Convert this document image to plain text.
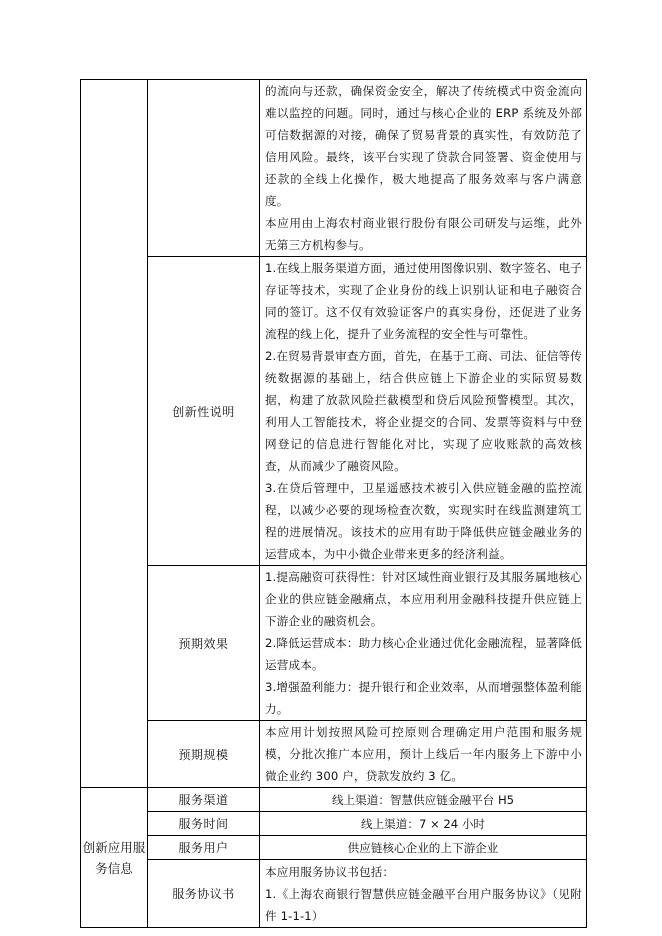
		的流向与还款，确保资金安全，解决了传统模式中资金流向难以监控的问题。同时，通过与核心企业的 ERP 系统及外部可信数据源的对接，确保了贸易背景的真实性，有效防范了信用风险。最终，该平台实现了贷款合同签署、资金使用与还款的全线上化操作，极大地提高了服务效率与客户满意度。
本应用由上海农村商业银行股份有限公司研发与运维，此外无第三方机构参与。

	创新性说明	1.在线上服务渠道方面，通过使用图像识别、数字签名、电子存证等技术，实现了企业身份的线上识别认证和电子融资合同的签订。这不仅有效验证客户的真实身份，还促进了业务流程的线上化，提升了业务流程的安全性与可靠性。
2.在贸易背景审查方面，首先，在基于工商、司法、征信等传统数据源的基础上，结合供应链上下游企业的实际贸易数据，构建了放款风险拦截模型和贷后风险预警模型。其次，利用人工智能技术，将企业提交的合同、发票等资料与中登网登记的信息进行智能化对比，实现了应收账款的高效核查，从而减少了融资风险。
3.在贷后管理中，卫星遥感技术被引入供应链金融的监控流程，以减少必要的现场检查次数，实现实时在线监测建筑工程的进展情况。该技术的应用有助于降低供应链金融业务的运营成本，为中小微企业带来更多的经济利益。

	预期效果	1.提高融资可获得性：针对区域性商业银行及其服务属地核心企业的供应链金融痛点，本应用利用金融科技提升供应链上下游企业的融资机会。
2.降低运营成本：助力核心企业通过优化金融流程，显著降低运营成本。
3.增强盈利能力：提升银行和企业效率，从而增强整体盈利能力。

	预期规模	本应用计划按照风险可控原则合理确定用户范围和服务规模，分批次推广本应用，预计上线后一年内服务上下游中小微企业约 300 户，贷款发放约 3 亿。

创新应用服务信息	服务渠道	线上渠道：智慧供应链金融平台 H5
	服务时间	线上渠道：7 × 24 小时
	服务用户	供应链核心企业的上下游企业
	服务协议书	本应用服务协议书包括：
1.《上海农商银行智慧供应链金融平台用户服务协议》（见附件 1-1-1）
